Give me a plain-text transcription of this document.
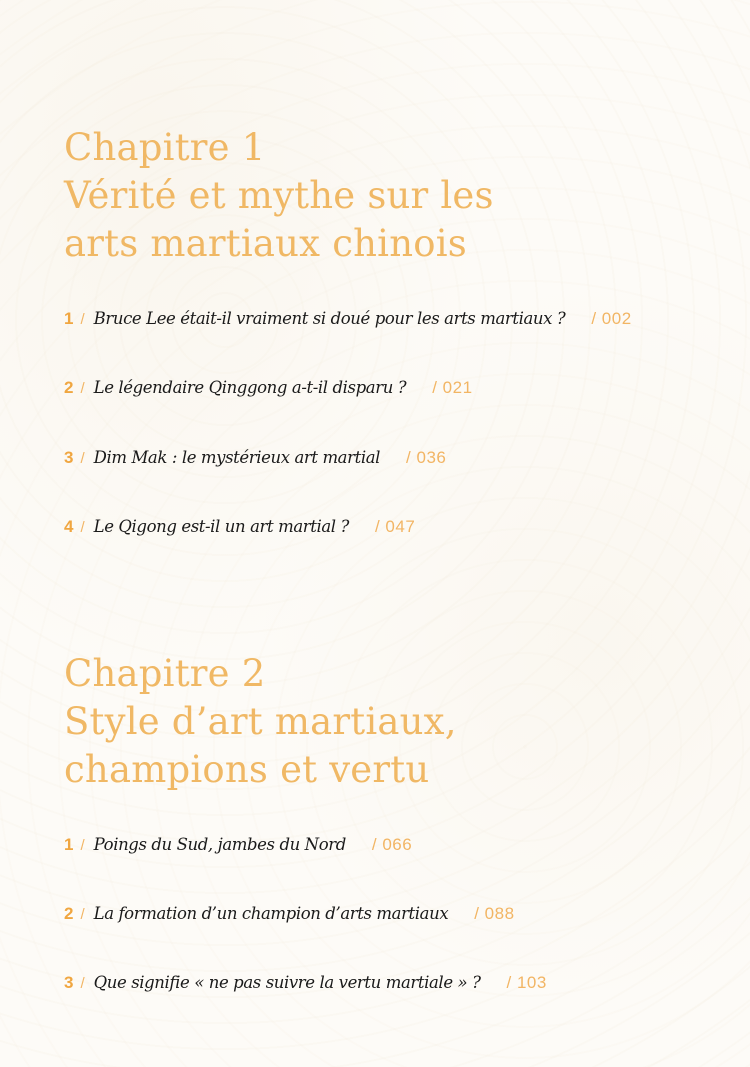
Chapitre 1
Vérité et mythe sur les
arts martiaux chinois
1 / Bruce Lee était-il vraiment si doué pour les arts martiaux ? / 002
2 / Le légendaire Qinggong a-t-il disparu ? / 021
3 / Dim Mak : le mystérieux art martial / 036
4 / Le Qigong est-il un art martial ? / 047
Chapitre 2
Style d’art martiaux,
champions et vertu
1 / Poings du Sud, jambes du Nord / 066
2 / La formation d’un champion d’arts martiaux / 088
3 / Que signifie « ne pas suivre la vertu martiale » ? / 103
